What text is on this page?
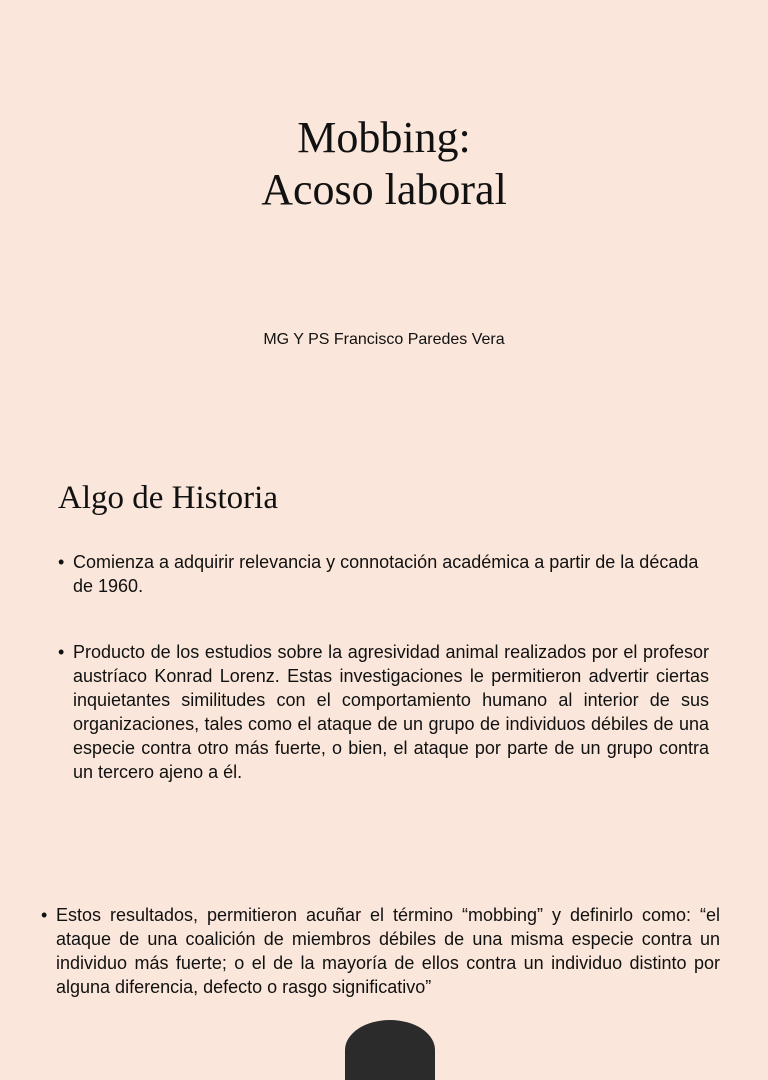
Mobbing:
Acoso laboral
MG Y PS Francisco Paredes Vera
Algo de Historia
• Comienza a adquirir relevancia y connotación académica a partir de la década de 1960.
• Producto de los estudios sobre la agresividad animal realizados por el profesor austríaco Konrad Lorenz. Estas investigaciones le permitieron advertir ciertas inquietantes similitudes con el comportamiento humano al interior de sus organizaciones, tales como el ataque de un grupo de individuos débiles de una especie contra otro más fuerte, o bien, el ataque por parte de un grupo contra un tercero ajeno a él.
• Estos resultados, permitieron acuñar el término “mobbing” y definirlo como: “el ataque de una coalición de miembros débiles de una misma especie contra un individuo más fuerte; o el de la mayoría de ellos contra un individuo distinto por alguna diferencia, defecto o rasgo significativo”
